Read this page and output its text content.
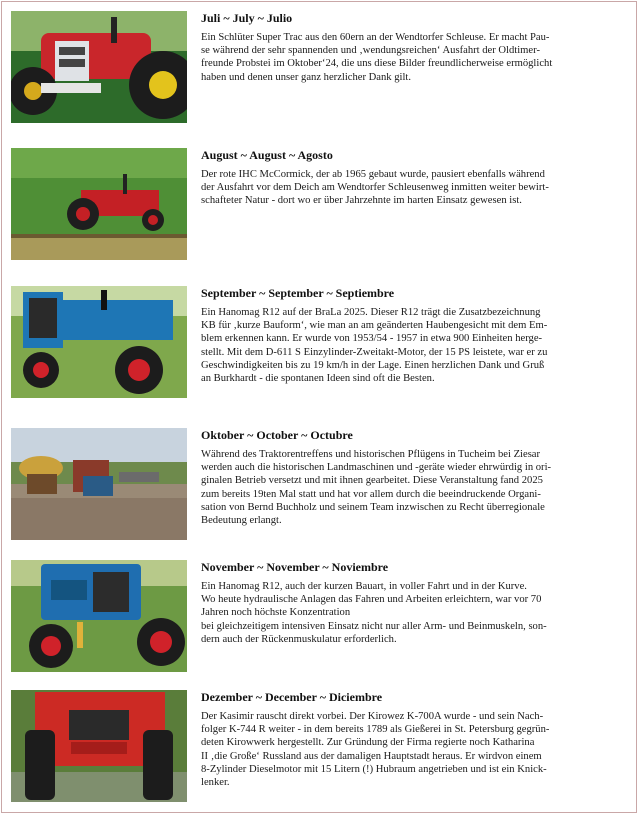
Juli ~ July ~ Julio

Ein Schlüter Super Trac aus den 60ern an der Wendtorfer Schleuse. Er macht Pau-
se während der sehr spannenden und ‚wendungsreichen‘ Ausfahrt der Oldtimer-
freunde Probstei im Oktober‘24, die uns diese Bilder freundlicherweise ermöglicht
haben und denen unser ganz herzlicher Dank gilt.

August ~ August ~ Agosto

Der rote IHC McCormick, der ab 1965 gebaut wurde, pausiert ebenfalls während
der Ausfahrt vor dem Deich am Wendtorfer Schleusenweg inmitten weiter bewirt-
schafteter Natur - dort wo er über Jahrzehnte im harten Einsatz gewesen ist.

September ~ September ~ Septiembre

Ein Hanomag R12 auf der BraLa 2025. Dieser R12 trägt die Zusatzbezeichnung
KB für ‚kurze Bauform‘, wie man an am geänderten Haubengesicht mit dem Em-
blem erkennen kann. Er wurde von 1953/54 - 1957 in etwa 900 Einheiten herge-
stellt. Mit dem D-611 S Einzylinder-Zweitakt-Motor, der 15 PS leistete, war er zu
Geschwindigkeiten bis zu 19 km/h in der Lage. Einen herzlichen Dank und Gruß
an Burkhardt - die spontanen Ideen sind oft die Besten.

Oktober ~ October ~ Octubre

Während des Traktorentreffens und historischen Pflügens in Tucheim bei Ziesar
werden auch die historischen Landmaschinen und -geräte wieder ehrwürdig in ori-
ginalen Betrieb versetzt und mit ihnen gearbeitet. Diese Veranstaltung fand 2025
zum bereits 19ten Mal statt und hat vor allem durch die beeindruckende Organi-
sation von Bernd Buchholz und seinem Team inzwischen zu Recht überregionale
Bedeutung erlangt.

November ~ November ~ Noviembre

Ein Hanomag R12, auch der kurzen Bauart, in voller Fahrt und in der Kurve.
Wo heute hydraulische Anlagen das Fahren und Arbeiten erleichtern, war vor 70
Jahren noch höchste Konzentration
bei gleichzeitigem intensiven Einsatz nicht nur aller Arm- und Beinmuskeln, son-
dern auch der Rückenmuskulatur erforderlich.

Dezember ~ December ~ Diciembre

Der Kasimir rauscht direkt vorbei. Der Kirowez K-700A wurde - und sein Nach-
folger K-744 R weiter - in dem bereits 1789 als Gießerei in St. Petersburg gegrün-
deten Kirowwerk hergestellt. Zur Gründung der Firma regierte noch Katharina
II ‚die Große‘ Russland aus der damaligen Hauptstadt heraus. Er wirdvon einem
8-Zylinder Dieselmotor mit 15 Litern (!) Hubraum angetrieben und ist ein Knick-
lenker.
